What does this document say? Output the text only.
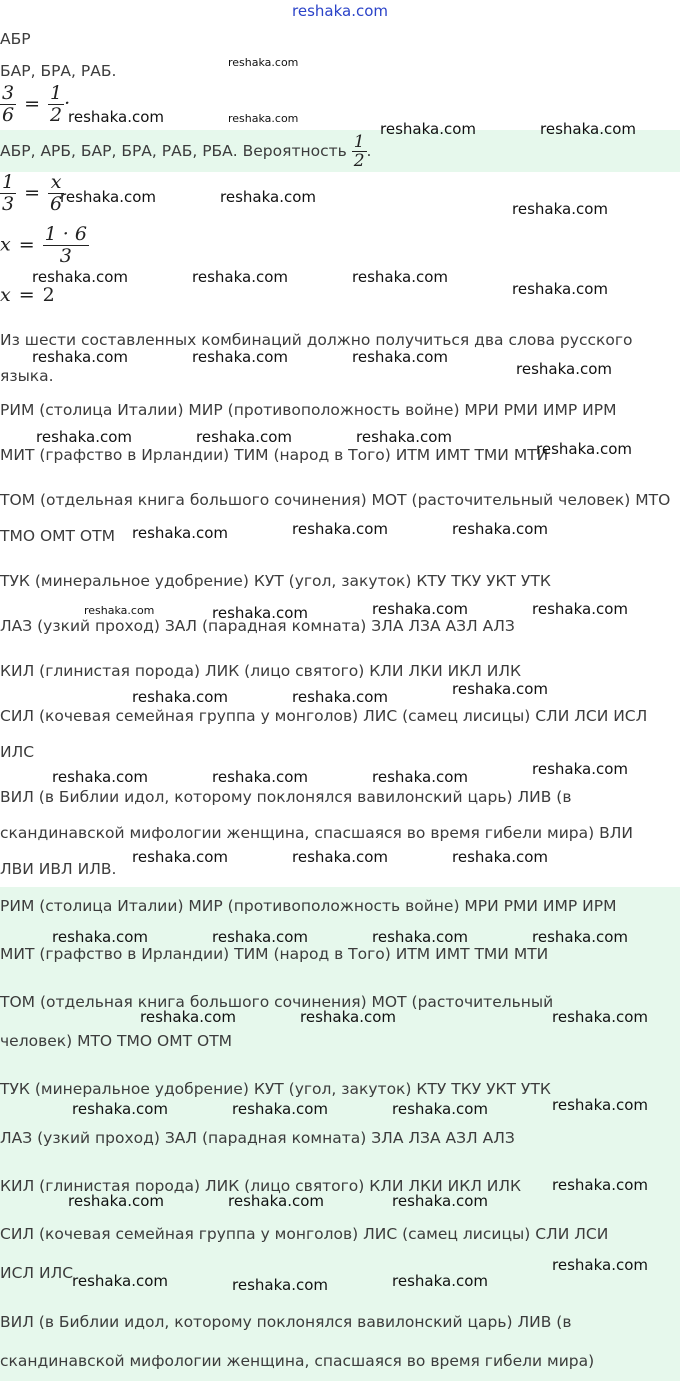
reshaka.com
АБР
БАР, БРА, РАБ.
$\frac{3}{6} = \frac{1}{2}$ ·
АБР, АРБ, БАР, БРА, РАБ, РБА. Вероятность $\frac{1}{2}$ .
$\frac{1}{3} = \frac{x}{6}$
$x = \frac{1 \cdot 6}{3}$
x = 2
Из шести составленных комбинаций должно получиться два слова русского
языка.
РИМ (столица Италии) МИР (противоположность войне) МРИ РМИ ИМР ИРМ
МИТ (графство в Ирландии) ТИМ (народ в Того) ИТМ ИМТ ТМИ МТИ
ТОМ (отдельная книга большого сочинения) МОТ (расточительный человек) МТО
ТМО ОМТ ОТМ
ТУК (минеральное удобрение) КУТ (угол, закуток) КТУ ТКУ УКТ УТК
ЛАЗ (узкий проход) ЗАЛ (парадная комната) ЗЛА ЛЗА АЗЛ АЛЗ
КИЛ (глинистая порода) ЛИК (лицо святого) КЛИ ЛКИ ИКЛ ИЛК
СИЛ (кочевая семейная группа у монголов) ЛИС (самец лисицы) СЛИ ЛСИ ИСЛ
ИЛС
ВИЛ (в Библии идол, которому поклонялся вавилонский царь) ЛИВ (в
скандинавской мифологии женщина, спасшаяся во время гибели мира) ВЛИ
ЛВИ ИВЛ ИЛВ.
РИМ (столица Италии) МИР (противоположность войне) МРИ РМИ ИМР ИРМ
МИТ (графство в Ирландии) ТИМ (народ в Того) ИТМ ИМТ ТМИ МТИ
ТОМ (отдельная книга большого сочинения) МОТ (расточительный
человек) МТО ТМО ОМТ ОТМ
ТУК (минеральное удобрение) КУТ (угол, закуток) КТУ ТКУ УКТ УТК
ЛАЗ (узкий проход) ЗАЛ (парадная комната) ЗЛА ЛЗА АЗЛ АЛЗ
КИЛ (глинистая порода) ЛИК (лицо святого) КЛИ ЛКИ ИКЛ ИЛК
СИЛ (кочевая семейная группа у монголов) ЛИС (самец лисицы) СЛИ ЛСИ
ИСЛ ИЛС
ВИЛ (в Библии идол, которому поклонялся вавилонский царь) ЛИВ (в
скандинавской мифологии женщина, спасшаяся во время гибели мира)
reshaka.com
reshaka.com	reshaka.com
reshaka.com	reshaka.com
reshaka.com	reshaka.com
reshaka.com
reshaka.com	reshaka.com	reshaka.com
reshaka.com
reshaka.com	reshaka.com	reshaka.com
reshaka.com
reshaka.com	reshaka.com	reshaka.com
reshaka.com
reshaka.com	reshaka.com	reshaka.com
reshaka.com	reshaka.com	reshaka.com	reshaka.com
reshaka.com	reshaka.com	reshaka.com
reshaka.com	reshaka.com	reshaka.com	reshaka.com
reshaka.com	reshaka.com	reshaka.com
reshaka.com	reshaka.com	reshaka.com	reshaka.com
reshaka.com	reshaka.com	reshaka.com
reshaka.com	reshaka.com	reshaka.com	reshaka.com
reshaka.com
reshaka.com	reshaka.com	reshaka.com
reshaka.com
reshaka.com	reshaka.com	reshaka.com
